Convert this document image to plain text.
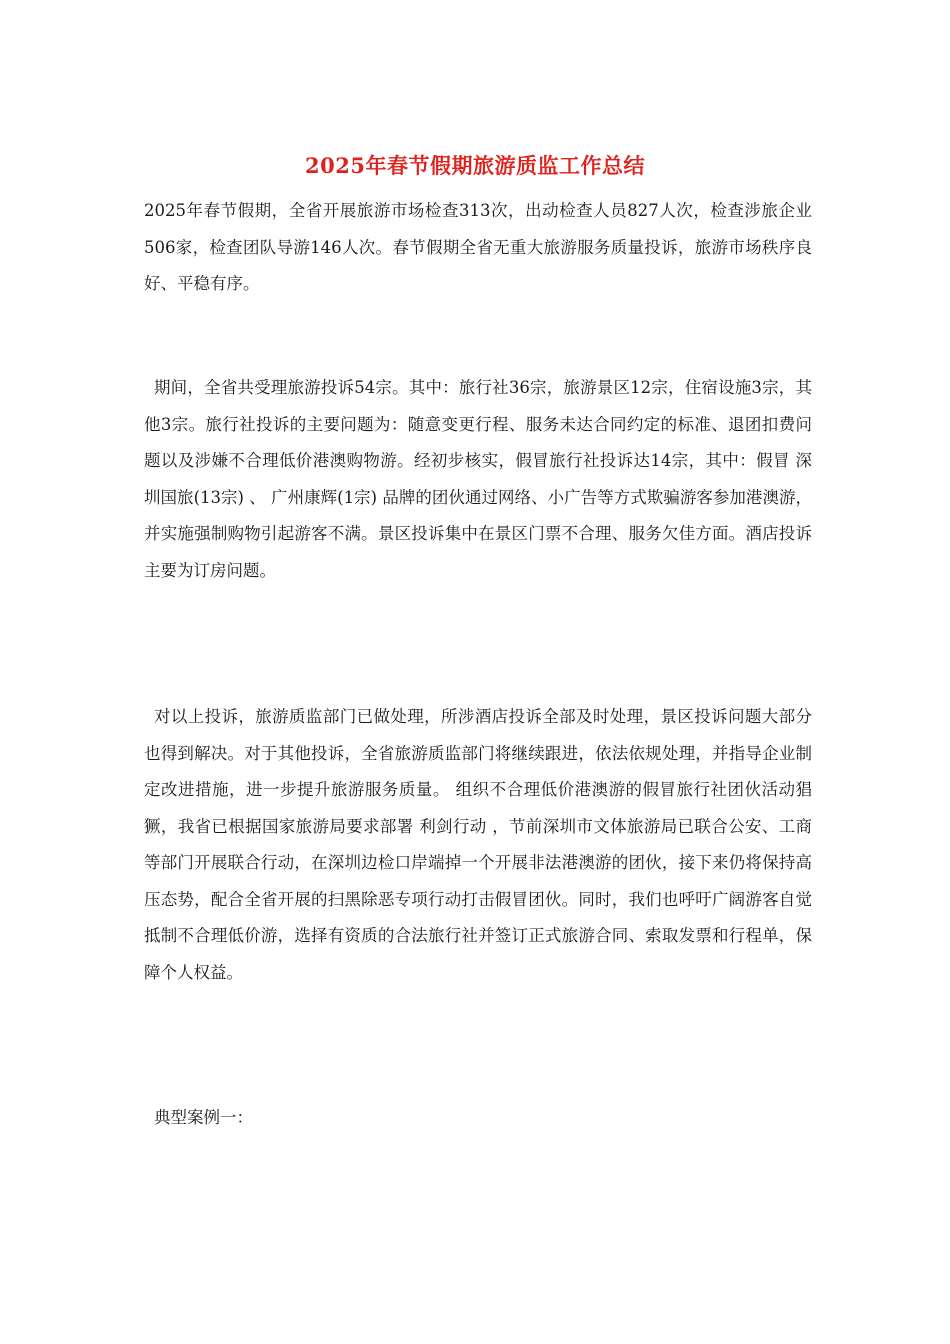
2025年春节假期旅游质监工作总结

2025年春节假期，全省开展旅游市场检查313次，出动检查人员827人次，检查涉旅企业506家，检查团队导游146人次。春节假期全省无重大旅游服务质量投诉，旅游市场秩序良好、平稳有序。

期间，全省共受理旅游投诉54宗。其中：旅行社36宗，旅游景区12宗，住宿设施3宗，其他3宗。旅行社投诉的主要问题为：随意变更行程、服务未达合同约定的标准、退团扣费问题以及涉嫌不合理低价港澳购物游。经初步核实，假冒旅行社投诉达14宗，其中：假冒 深圳国旅(13宗) 、 广州康辉(1宗) 品牌的团伙通过网络、小广告等方式欺骗游客参加港澳游，并实施强制购物引起游客不满。景区投诉集中在景区门票不合理、服务欠佳方面。酒店投诉主要为订房问题。

对以上投诉，旅游质监部门已做处理，所涉酒店投诉全部及时处理，景区投诉问题大部分也得到解决。对于其他投诉，全省旅游质监部门将继续跟进，依法依规处理，并指导企业制定改进措施，进一步提升旅游服务质量。 组织不合理低价港澳游的假冒旅行社团伙活动猖獗，我省已根据国家旅游局要求部署 利剑行动 ，节前深圳市文体旅游局已联合公安、工商等部门开展联合行动，在深圳边检口岸端掉一个开展非法港澳游的团伙，接下来仍将保持高压态势，配合全省开展的扫黑除恶专项行动打击假冒团伙。同时，我们也呼吁广阔游客自觉抵制不合理低价游，选择有资质的合法旅行社并签订正式旅游合同、索取发票和行程单，保障个人权益。

典型案例一：
